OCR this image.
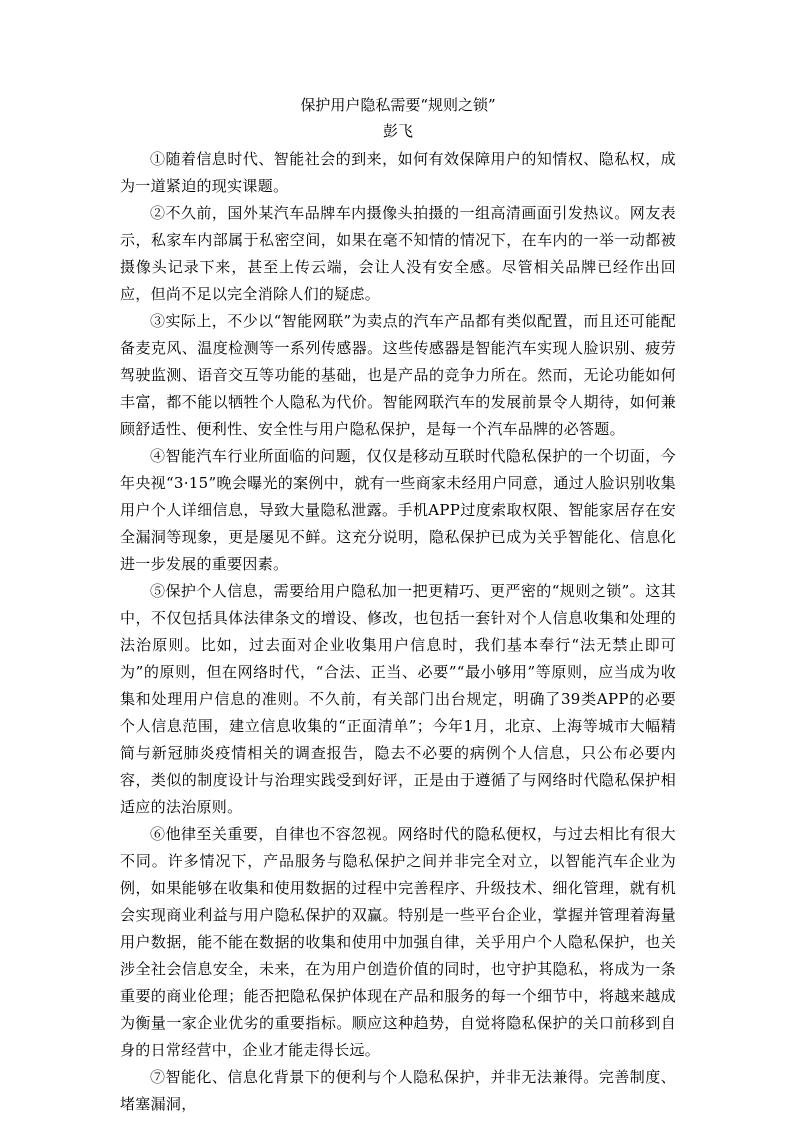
保护用户隐私需要“规则之锁”

彭飞

①随着信息时代、智能社会的到来，如何有效保障用户的知情权、隐私权，成为一道紧迫的现实课题。

②不久前，国外某汽车品牌车内摄像头拍摄的一组高清画面引发热议。网友表示，私家车内部属于私密空间，如果在毫不知情的情况下，在车内的一举一动都被摄像头记录下来，甚至上传云端，会让人没有安全感。尽管相关品牌已经作出回应，但尚不足以完全消除人们的疑虑。

③实际上，不少以“智能网联”为卖点的汽车产品都有类似配置，而且还可能配备麦克风、温度检测等一系列传感器。这些传感器是智能汽车实现人脸识别、疲劳驾驶监测、语音交互等功能的基础，也是产品的竞争力所在。然而，无论功能如何丰富，都不能以牺牲个人隐私为代价。智能网联汽车的发展前景令人期待，如何兼顾舒适性、便利性、安全性与用户隐私保护，是每一个汽车品牌的必答题。

④智能汽车行业所面临的问题，仅仅是移动互联时代隐私保护的一个切面，今年央视“3·15”晚会曝光的案例中，就有一些商家未经用户同意，通过人脸识别收集用户个人详细信息，导致大量隐私泄露。手机APP过度索取权限、智能家居存在安全漏洞等现象，更是屡见不鲜。这充分说明，隐私保护已成为关乎智能化、信息化进一步发展的重要因素。

⑤保护个人信息，需要给用户隐私加一把更精巧、更严密的“规则之锁”。这其中，不仅包括具体法律条文的增设、修改，也包括一套针对个人信息收集和处理的法治原则。比如，过去面对企业收集用户信息时，我们基本奉行“法无禁止即可为”的原则，但在网络时代，“合法、正当、必要”“最小够用”等原则，应当成为收集和处理用户信息的准则。不久前，有关部门出台规定，明确了39类APP的必要个人信息范围，建立信息收集的“正面清单”；今年1月，北京、上海等城市大幅精简与新冠肺炎疫情相关的调查报告，隐去不必要的病例个人信息，只公布必要内容，类似的制度设计与治理实践受到好评，正是由于遵循了与网络时代隐私保护相适应的法治原则。

⑥他律至关重要，自律也不容忽视。网络时代的隐私便权，与过去相比有很大不同。许多情况下，产品服务与隐私保护之间并非完全对立，以智能汽车企业为例，如果能够在收集和使用数据的过程中完善程序、升级技术、细化管理，就有机会实现商业利益与用户隐私保护的双赢。特别是一些平台企业，掌握并管理着海量用户数据，能不能在数据的收集和使用中加强自律，关乎用户个人隐私保护，也关涉全社会信息安全，未来，在为用户创造价值的同时，也守护其隐私，将成为一条重要的商业伦理；能否把隐私保护体现在产品和服务的每一个细节中，将越来越成为衡量一家企业优劣的重要指标。顺应这种趋势，自觉将隐私保护的关口前移到自身的日常经营中，企业才能走得长远。

⑦智能化、信息化背景下的便利与个人隐私保护，并非无法兼得。完善制度、堵塞漏洞，
